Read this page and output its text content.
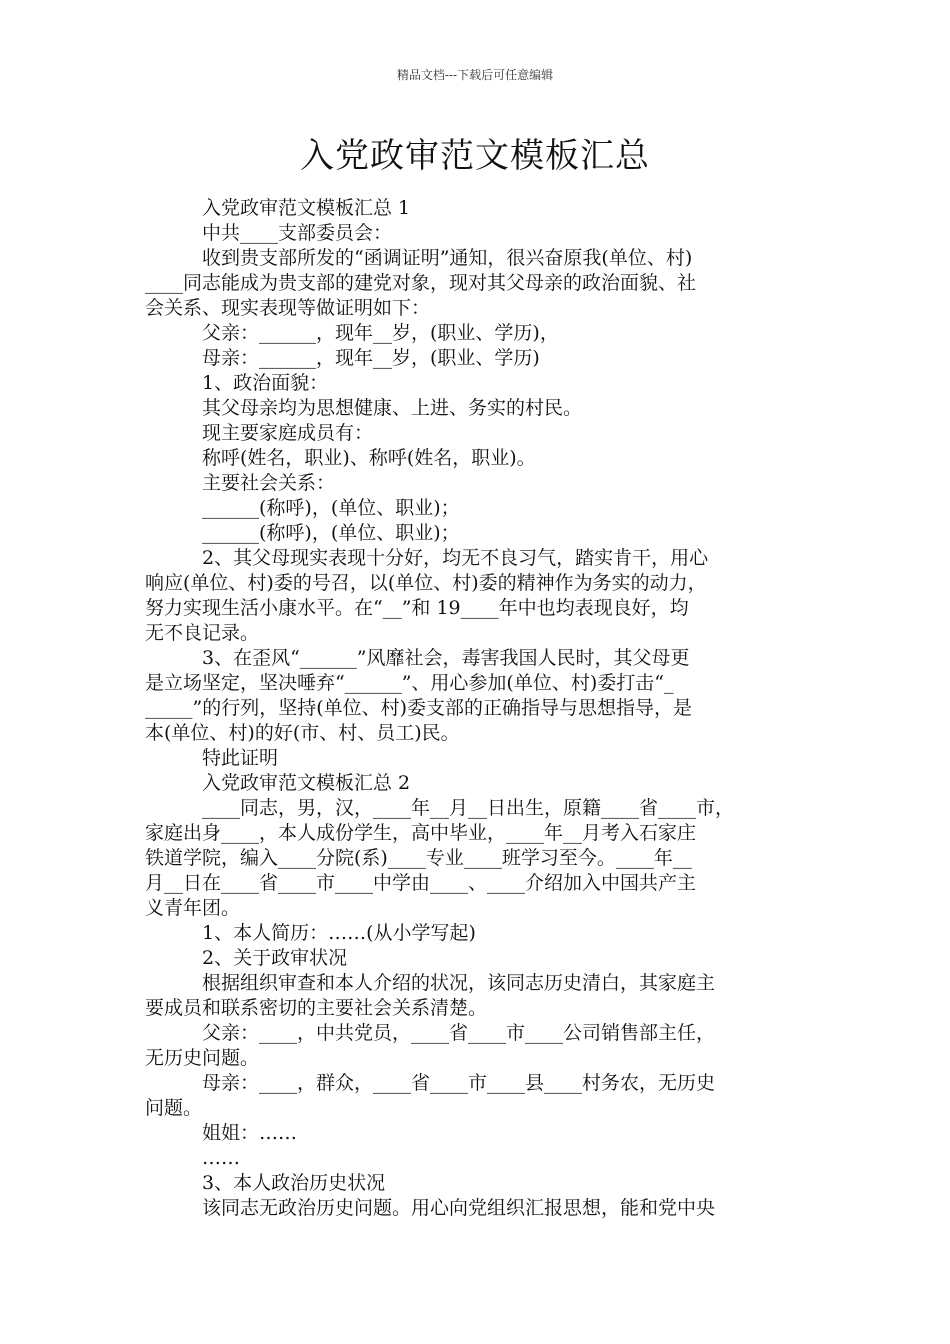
精品文档---下载后可任意编辑
入党政审范文模板汇总
入党政审范文模板汇总 1
中共____支部委员会：
收到贵支部所发的“函调证明”通知，很兴奋原我(单位、村)
____同志能成为贵支部的建党对象，现对其父母亲的政治面貌、社
会关系、现实表现等做证明如下：
父亲：______，现年__岁，(职业、学历)，
母亲：______，现年__岁，(职业、学历)
1、政治面貌：
其父母亲均为思想健康、上进、务实的村民。
现主要家庭成员有：
称呼(姓名，职业)、称呼(姓名，职业)。
主要社会关系：
______(称呼)，(单位、职业)；
______(称呼)，(单位、职业)；
2、其父母现实表现十分好，均无不良习气，踏实肯干，用心
响应(单位、村)委的号召，以(单位、村)委的精神作为务实的动力，
努力实现生活小康水平。在“__”和 19____年中也均表现良好，均
无不良记录。
3、在歪风“______”风靡社会，毒害我国人民时，其父母更
是立场坚定，坚决唾弃“______”、用心参加(单位、村)委打击“_
_____”的行列，坚持(单位、村)委支部的正确指导与思想指导，是
本(单位、村)的好(市、村、员工)民。
特此证明
入党政审范文模板汇总 2
____同志，男，汉，____年__月__日出生，原籍____省____市，
家庭出身____，本人成份学生，高中毕业，____年__月考入石家庄
铁道学院，编入____分院(系)____专业____班学习至今。____年__
月__日在____省____市____中学由____、____介绍加入中国共产主
义青年团。
1、本人简历：……(从小学写起)
2、关于政审状况
根据组织审查和本人介绍的状况，该同志历史清白，其家庭主
要成员和联系密切的主要社会关系清楚。
父亲：____，中共党员，____省____市____公司销售部主任，
无历史问题。
母亲：____，群众，____省____市____县____村务农，无历史
问题。
姐姐：……
……
3、本人政治历史状况
该同志无政治历史问题。用心向党组织汇报思想，能和党中央
